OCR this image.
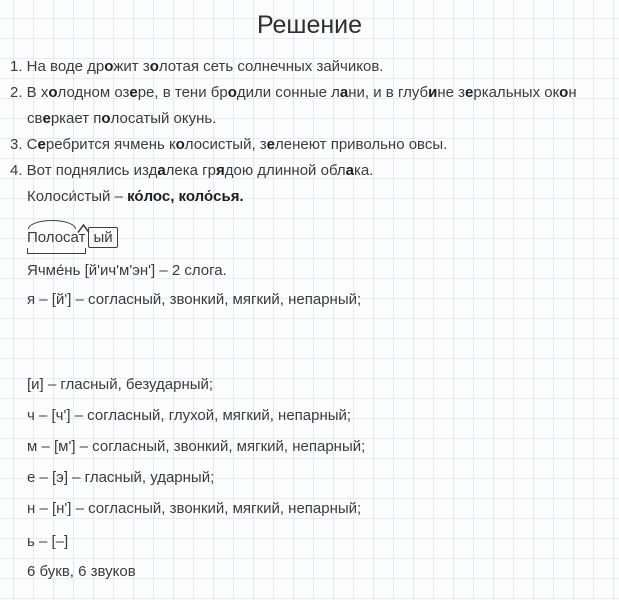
Решение
1. На воде дрожит золотая сеть солнечных зайчиков.
2. В холодном озере, в тени бродили сонные лани, и в глубине зеркальных окон
сверкает полосатый окунь.
3. Серебрится ячмень колосистый, зеленеют привольно овсы.
4. Вот поднялись издалека грядою длинной облака.
Колоси́стый – ко́лос, коло́сья.
Полосат ый
Ячме́нь [й'ич'м'эн'] – 2 слога.
я – [й'] – согласный, звонкий, мягкий, непарный;
[и] – гласный, безударный;
ч – [ч'] – согласный, глухой, мягкий, непарный;
м – [м'] – согласный, звонкий, мягкий, непарный;
е – [э] – гласный, ударный;
н – [н'] – согласный, звонкий, мягкий, непарный;
ь – [–]
6 букв, 6 звуков
